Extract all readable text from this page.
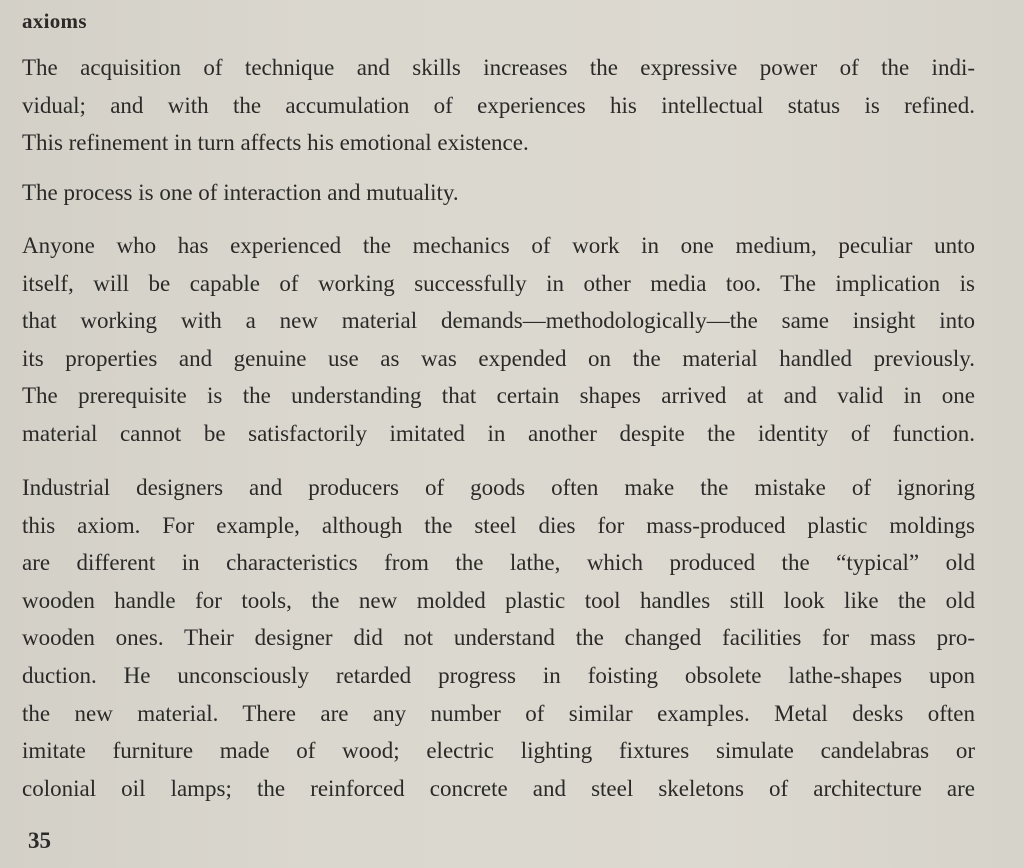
axioms
The acquisition of technique and skills increases the expressive power of the indi-
vidual; and with the accumulation of experiences his intellectual status is refined.
This refinement in turn affects his emotional existence.
The process is one of interaction and mutuality.
Anyone who has experienced the mechanics of work in one medium, peculiar unto
itself, will be capable of working successfully in other media too. The implication is
that working with a new material demands—methodologically—the same insight into
its properties and genuine use as was expended on the material handled previously.
The prerequisite is the understanding that certain shapes arrived at and valid in one
material cannot be satisfactorily imitated in another despite the identity of function.
Industrial designers and producers of goods often make the mistake of ignoring
this axiom. For example, although the steel dies for mass-produced plastic moldings
are different in characteristics from the lathe, which produced the “typical” old
wooden handle for tools, the new molded plastic tool handles still look like the old
wooden ones. Their designer did not understand the changed facilities for mass pro-
duction. He unconsciously retarded progress in foisting obsolete lathe-shapes upon
the new material. There are any number of similar examples. Metal desks often
imitate furniture made of wood; electric lighting fixtures simulate candelabras or
colonial oil lamps; the reinforced concrete and steel skeletons of architecture are
35
